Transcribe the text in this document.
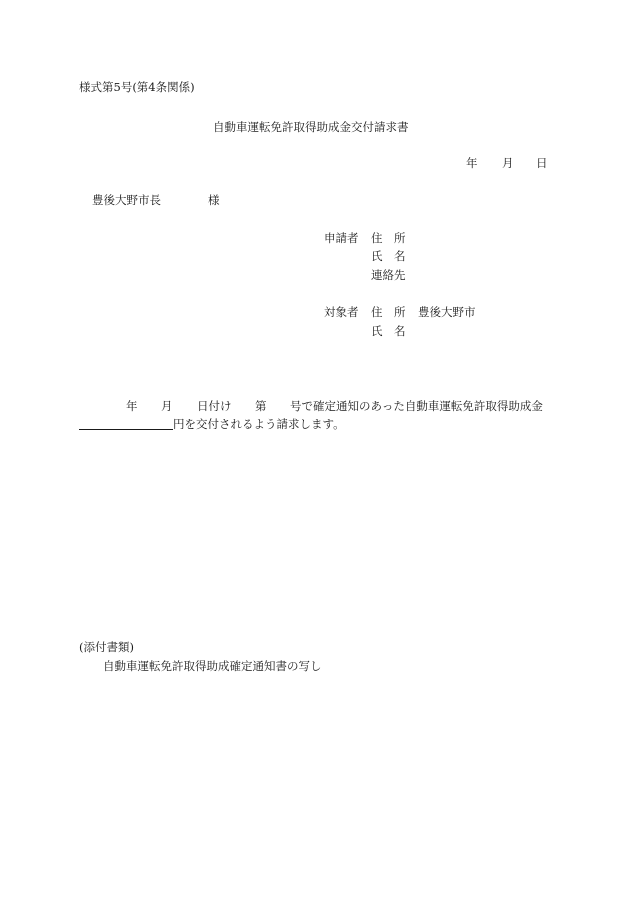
様式第5号(第4条関係)
自動車運転免許取得助成金交付請求書
年 月 日
豊後大野市長	様
申請者 住　所
氏　名
連絡先
対象者 住　所 豊後大野市
氏　名
年 月 日付け 第 号で確定通知のあった自動車運転免許取得助成金
円を交付されるよう請求します。
(添付書類)
自動車運転免許取得助成確定通知書の写し
